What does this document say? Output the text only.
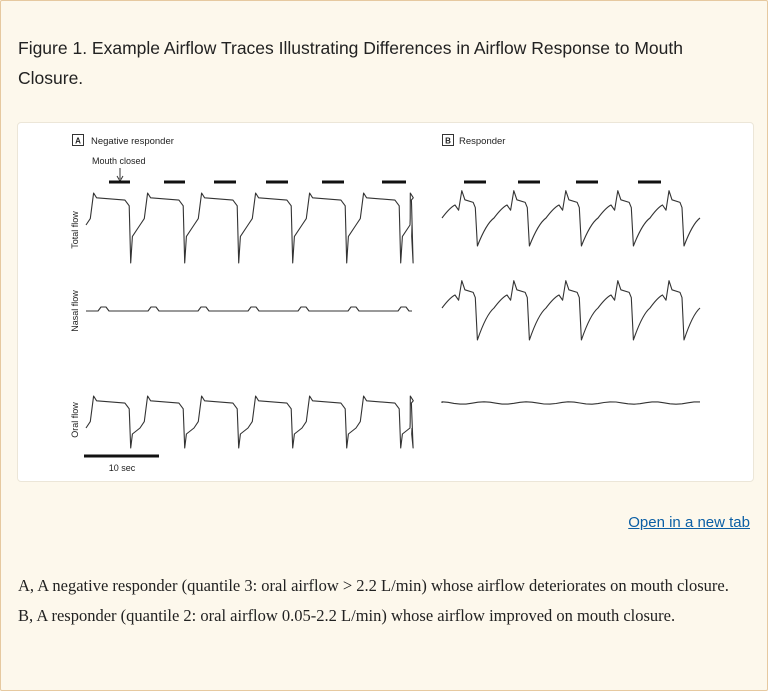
Figure 1. Example Airflow Traces Illustrating Differences in Airflow Response to Mouth Closure.
A Negative responder
Mouth closed
B Responder
Total flow
Nasal flow
Oral flow
10 sec
Open in a new tab

A, A negative responder (quantile 3: oral airflow > 2.2 L/min) whose airflow deteriorates on mouth closure. B, A responder (quantile 2: oral airflow 0.05-2.2 L/min) whose airflow improved on mouth closure.
